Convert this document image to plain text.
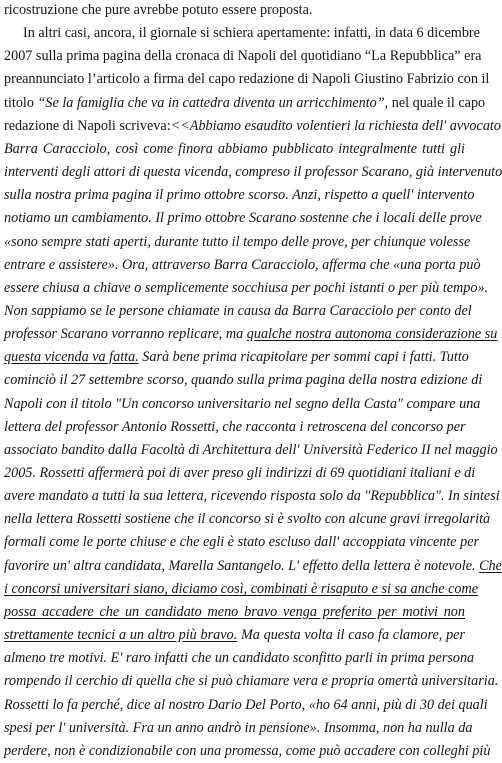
ricostruzione che pure avrebbe potuto essere proposta.
In altri casi, ancora, il giornale si schiera apertamente: infatti, in data 6 dicembre
2007 sulla prima pagina della cronaca di Napoli del quotidiano “La Repubblica” era
preannunciato l’articolo a firma del capo redazione di Napoli Giustino Fabrizio con il
titolo “Se la famiglia che va in cattedra diventa un arricchimento”, nel quale il capo
redazione di Napoli scriveva:<<Abbiamo esaudito volentieri la richiesta dell' avvocato
Barra Caracciolo, così come finora abbiamo pubblicato integralmente tutti gli
interventi degli attori di questa vicenda, compreso il professor Scarano, già intervenuto
sulla nostra prima pagina il primo ottobre scorso. Anzi, rispetto a quell' intervento
notiamo un cambiamento. Il primo ottobre Scarano sostenne che i locali delle prove
«sono sempre stati aperti, durante tutto il tempo delle prove, per chiunque volesse
entrare e assistere». Ora, attraverso Barra Caracciolo, afferma che «una porta può
essere chiusa a chiave o semplicemente socchiusa per pochi istanti o per più tempo».
Non sappiamo se le persone chiamate in causa da Barra Caracciolo per conto del
professor Scarano vorranno replicare, ma qualche nostra autonoma considerazione su
questa vicenda va fatta. Sarà bene prima ricapitolare per sommi capi i fatti. Tutto
cominciò il 27 settembre scorso, quando sulla prima pagina della nostra edizione di
Napoli con il titolo "Un concorso universitario nel segno della Casta" compare una
lettera del professor Antonio Rossetti, che racconta i retroscena del concorso per
associato bandito dalla Facoltà di Architettura dell' Università Federico II nel maggio
2005. Rossetti affermerà poi di aver preso gli indirizzi di 69 quotidiani italiani e di
avere mandato a tutti la sua lettera, ricevendo risposta solo da "Repubblica". In sintesi
nella lettera Rossetti sostiene che il concorso si è svolto con alcune gravi irregolarità
formali come le porte chiuse e che egli è stato escluso dall' accoppiata vincente per
favorire un' altra candidata, Marella Santangelo. L' effetto della lettera è notevole. Che
i concorsi universitari siano, diciamo così, combinati è risaputo e si sa anche come
possa accadere che un candidato meno bravo venga preferito per motivi non
strettamente tecnici a un altro più bravo. Ma questa volta il caso fa clamore, per
almeno tre motivi. E' raro infatti che un candidato sconfitto parli in prima persona
rompendo il cerchio di quella che si può chiamare vera e propria omertà universitaria.
Rossetti lo fa perché, dice al nostro Dario Del Porto, «ho 64 anni, più di 30 dei quali
spesi per l' università. Fra un anno andrò in pensione». Insomma, non ha nulla da
perdere, non è condizionabile con una promessa, come può accadere con colleghi più
